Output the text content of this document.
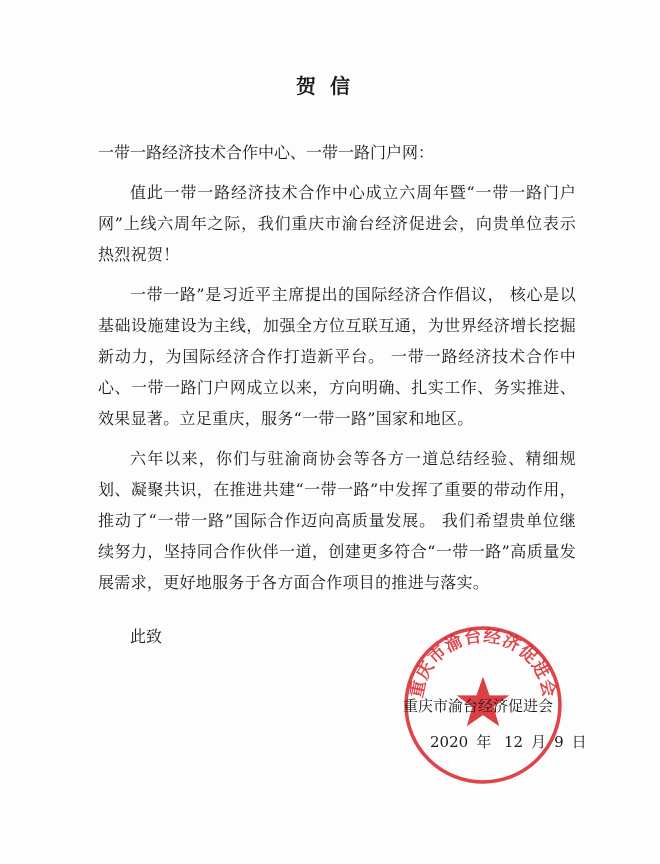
贺信
一带一路经济技术合作中心、一带一路门户网：

值此一带一路经济技术合作中心成立六周年暨“一带一路门户网”上线六周年之际，我们重庆市渝台经济促进会，向贵单位表示热烈祝贺！

一带一路”是习近平主席提出的国际经济合作倡议， 核心是以基础设施建设为主线，加强全方位互联互通，为世界经济增长挖掘新动力，为国际经济合作打造新平台。 一带一路经济技术合作中心、一带一路门户网成立以来，方向明确、扎实工作、务实推进、效果显著。立足重庆，服务“一带一路”国家和地区。

六年以来，你们与驻渝商协会等各方一道总结经验、精细规划、凝聚共识，在推进共建“一带一路”中发挥了重要的带动作用，推动了“一带一路”国际合作迈向高质量发展。 我们希望贵单位继续努力，坚持同合作伙伴一道，创建更多符合“一带一路”高质量发展需求，更好地服务于各方面合作项目的推进与落实。

此致
重庆市渝台经济促进会
重庆市渝台经济促进会
2020 年 12 月 9 日
